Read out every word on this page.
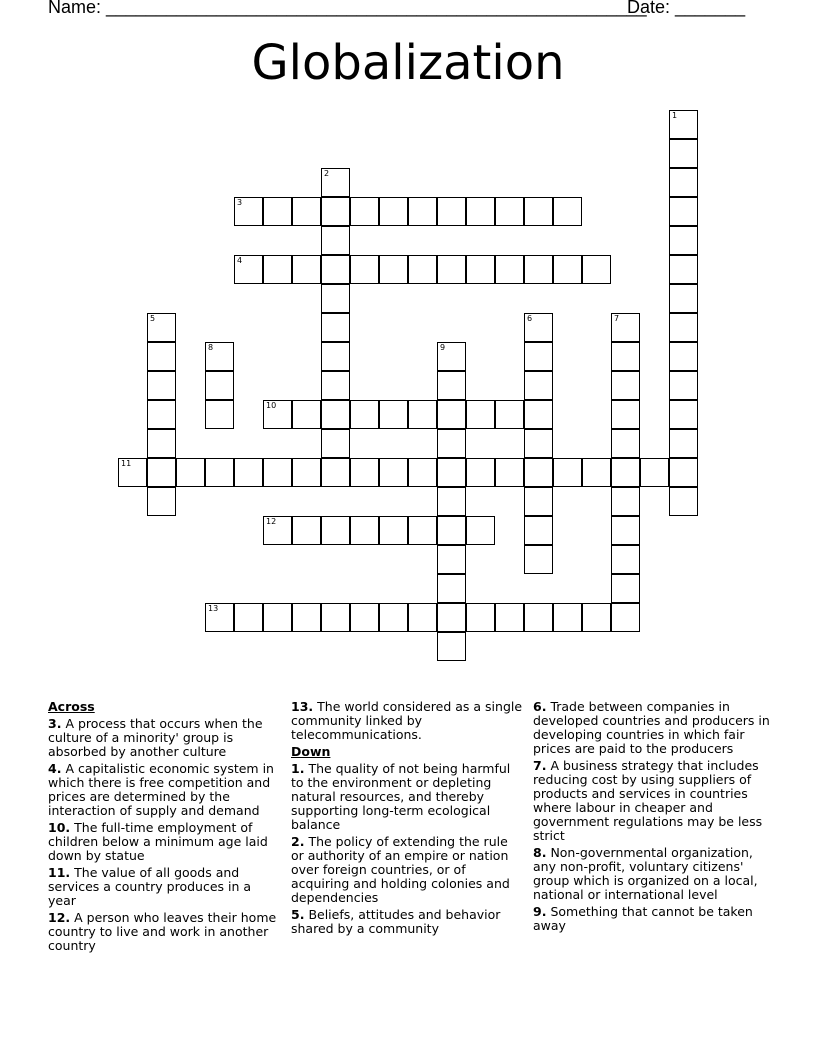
Name: ______________________________________________________
Date: _______
Globalization
1
2
3
4
5	6	7
8	9
10
11
12
13
Across
3. A process that occurs when the culture of a minority' group is absorbed by another culture
4. A capitalistic economic system in which there is free competition and prices are determined by the interaction of supply and demand
10. The full-time employment of children below a minimum age laid down by statue
11. The value of all goods and services a country produces in a year
12. A person who leaves their home country to live and work in another country
13. The world considered as a single community linked by telecommunications.
Down
1. The quality of not being harmful to the environment or depleting natural resources, and thereby supporting long-term ecological balance
2. The policy of extending the rule or authority of an empire or nation over foreign countries, or of acquiring and holding colonies and dependencies
5. Beliefs, attitudes and behavior shared by a community
6. Trade between companies in developed countries and producers in developing countries in which fair prices are paid to the producers
7. A business strategy that includes reducing cost by using suppliers of products and services in countries where labour in cheaper and government regulations may be less strict
8. Non-governmental organization, any non-profit, voluntary citizens' group which is organized on a local, national or international level
9. Something that cannot be taken away
